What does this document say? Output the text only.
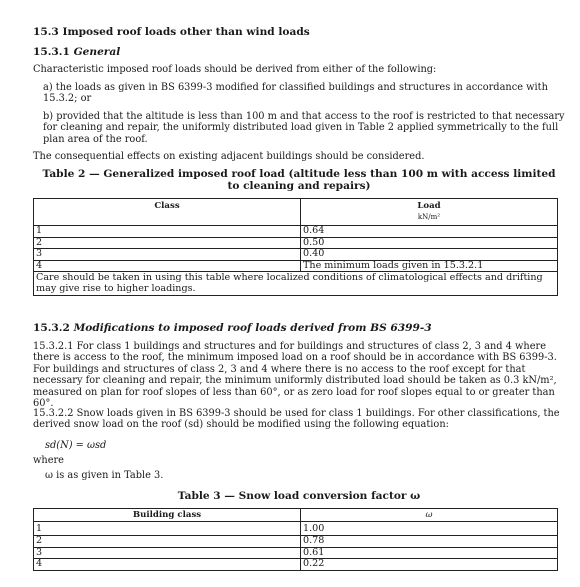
15.3 Imposed roof loads other than wind loads
15.3.1 General
Characteristic imposed roof loads should be derived from either of the following:
a) the loads as given in BS 6399-3 modified for classified buildings and structures in accordance with 15.3.2; or
b) provided that the altitude is less than 100 m and that access to the roof is restricted to that necessary for cleaning and repair, the uniformly distributed load given in Table 2 applied symmetrically to the full plan area of the roof.
The consequential effects on existing adjacent buildings should be considered.
Table 2 — Generalized imposed roof load (altitude less than 100 m with access limited to cleaning and repairs)
Class	Load
kN/m²

1	0.64
2	0.50
3	0.40
4	The minimum loads given in 15.3.2.1
Care should be taken in using this table where localized conditions of climatological effects and drifting may give rise to higher loadings.	
15.3.2 Modifications to imposed roof loads derived from BS 6399-3
15.3.2.1 For class 1 buildings and structures and for buildings and structures of class 2, 3 and 4 where there is access to the roof, the minimum imposed load on a roof should be in accordance with BS 6399-3. For buildings and structures of class 2, 3 and 4 where there is no access to the roof except for that necessary for cleaning and repair, the minimum uniformly distributed load should be taken as 0.3 kN/m², measured on plan for roof slopes of less than 60°, or as zero load for roof slopes equal to or greater than 60°.
15.3.2.2 Snow loads given in BS 6399-3 should be used for class 1 buildings. For other classifications, the derived snow load on the roof (sd) should be modified using the following equation:
sd(N) = ωsd
where
ω is as given in Table 3.
Table 3 — Snow load conversion factor ω
Building class	ω
1	1.00
2	0.78
3	0.61
4	0.22
